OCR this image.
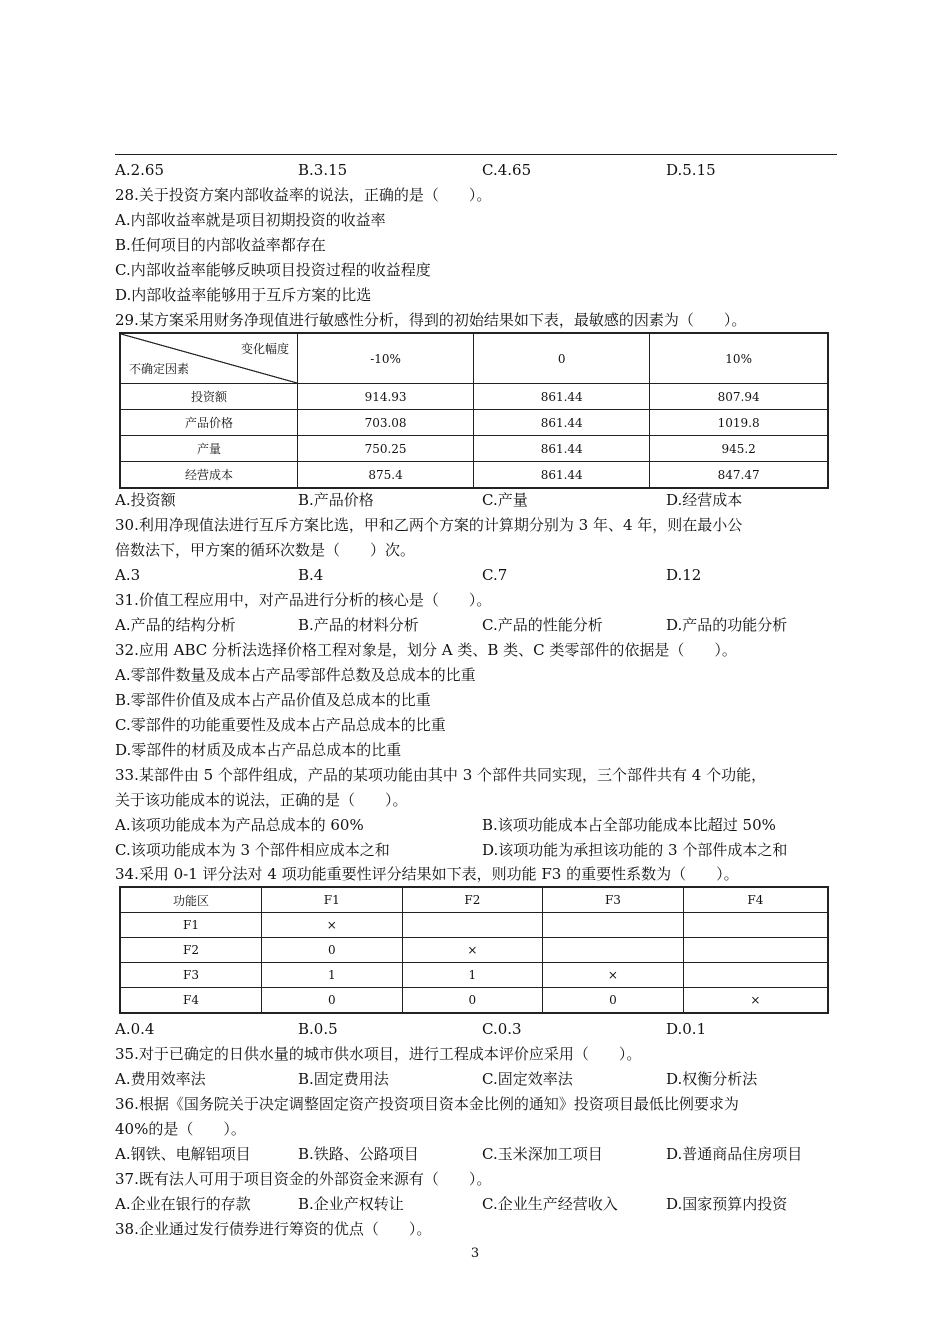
A.2.65	B.3.15	C.4.65	D.5.15
28.关于投资方案内部收益率的说法，正确的是（　　）。
A.内部收益率就是项目初期投资的收益率
B.任何项目的内部收益率都存在
C.内部收益率能够反映项目投资过程的收益程度
D.内部收益率能够用于互斥方案的比选
29.某方案采用财务净现值进行敏感性分析，得到的初始结果如下表，最敏感的因素为（　　）。
变化幅度
不确定因素	-10%	0	10%
投资额	914.93	861.44	807.94
产品价格	703.08	861.44	1019.8
产量	750.25	861.44	945.2
经营成本	875.4	861.44	847.47
A.投资额	B.产品价格	C.产量	D.经营成本
30.利用净现值法进行互斥方案比选，甲和乙两个方案的计算期分别为 3 年、4 年，则在最小公
倍数法下，甲方案的循环次数是（　　）次。
A.3	B.4	C.7	D.12
31.价值工程应用中，对产品进行分析的核心是（　　）。
A.产品的结构分析	B.产品的材料分析	C.产品的性能分析	D.产品的功能分析
32.应用 ABC 分析法选择价格工程对象是，划分 A 类、B 类、C 类零部件的依据是（　　）。
A.零部件数量及成本占产品零部件总数及总成本的比重
B.零部件价值及成本占产品价值及总成本的比重
C.零部件的功能重要性及成本占产品总成本的比重
D.零部件的材质及成本占产品总成本的比重
33.某部件由 5 个部件组成，产品的某项功能由其中 3 个部件共同实现，三个部件共有 4 个功能，
关于该功能成本的说法，正确的是（　　）。
A.该项功能成本为产品总成本的 60%	B.该项功能成本占全部功能成本比超过 50%
C.该项功能成本为 3 个部件相应成本之和	D.该项功能为承担该功能的 3 个部件成本之和
34.采用 0-1 评分法对 4 项功能重要性评分结果如下表，则功能 F3 的重要性系数为（　　）。
功能区	F1	F2	F3	F4
F1	×			
F2	0	×		
F3	1	1	×	
F4	0	0	0	×
A.0.4	B.0.5	C.0.3	D.0.1
35.对于已确定的日供水量的城市供水项目，进行工程成本评价应采用（　　）。
A.费用效率法	B.固定费用法	C.固定效率法	D.权衡分析法
36.根据《国务院关于决定调整固定资产投资项目资本金比例的通知》投资项目最低比例要求为
40%的是（　　）。
A.钢铁、电解铝项目	B.铁路、公路项目	C.玉米深加工项目	D.普通商品住房项目
37.既有法人可用于项目资金的外部资金来源有（　　）。
A.企业在银行的存款	B.企业产权转让	C.企业生产经营收入	D.国家预算内投资
38.企业通过发行债券进行筹资的优点（　　）。
3
